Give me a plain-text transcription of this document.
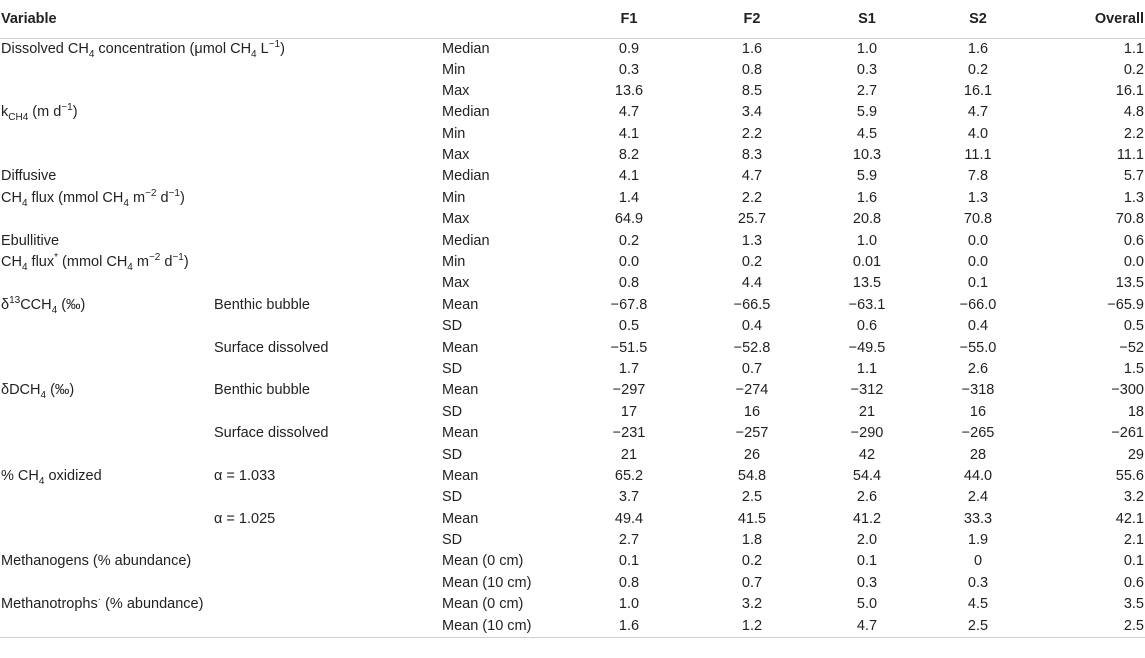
Variable			F1	F2	S1	S2	Overall
Dissolved $CH_4$ concentration (μmol $CH_4$ $L^{-1}$)		Median	0.9	1.6	1.0	1.6	1.1
		Min	0.3	0.8	0.3	0.2	0.2
		Max	13.6	8.5	2.7	16.1	16.1
$k_{CH4}$ (m $d^{-1}$)		Median	4.7	3.4	5.9	4.7	4.8
		Min	4.1	2.2	4.5	4.0	2.2
		Max	8.2	8.3	10.3	11.1	11.1
Diffusive		Median	4.1	4.7	5.9	7.8	5.7
$CH_4$ flux (mmol $CH_4$ $m^{-2}$ $d^{-1}$)		Min	1.4	2.2	1.6	1.3	1.3
		Max	64.9	25.7	20.8	70.8	70.8
Ebullitive		Median	0.2	1.3	1.0	0.0	0.6
$CH_4$ flux* (mmol $CH_4$ $m^{-2}$ $d^{-1}$)		Min	0.0	0.2	0.01	0.0	0.0
		Max	0.8	4.4	13.5	0.1	13.5
$\delta^{13}CCH_4$ (‰)	Benthic bubble	Mean	−67.8	−66.5	−63.1	−66.0	−65.9
		SD	0.5	0.4	0.6	0.4	0.5
	Surface dissolved	Mean	−51.5	−52.8	−49.5	−55.0	−52
		SD	1.7	0.7	1.1	2.6	1.5
δDCH$_4$ (‰)	Benthic bubble	Mean	−297	−274	−312	−318	−300
		SD	17	16	21	16	18
	Surface dissolved	Mean	−231	−257	−290	−265	−261
		SD	21	26	42	28	29
% $CH_4$ oxidized	α = 1.033	Mean	65.2	54.8	54.4	44.0	55.6
		SD	3.7	2.5	2.6	2.4	3.2
	α = 1.025	Mean	49.4	41.5	41.2	33.3	42.1
		SD	2.7	1.8	2.0	1.9	2.1
Methanogens (% abundance)		Mean (0 cm)	0.1	0.2	0.1	0	0.1
		Mean (10 cm)	0.8	0.7	0.3	0.3	0.6
Methanotrophs· (% abundance)		Mean (0 cm)	1.0	3.2	5.0	4.5	3.5
		Mean (10 cm)	1.6	1.2	4.7	2.5	2.5
